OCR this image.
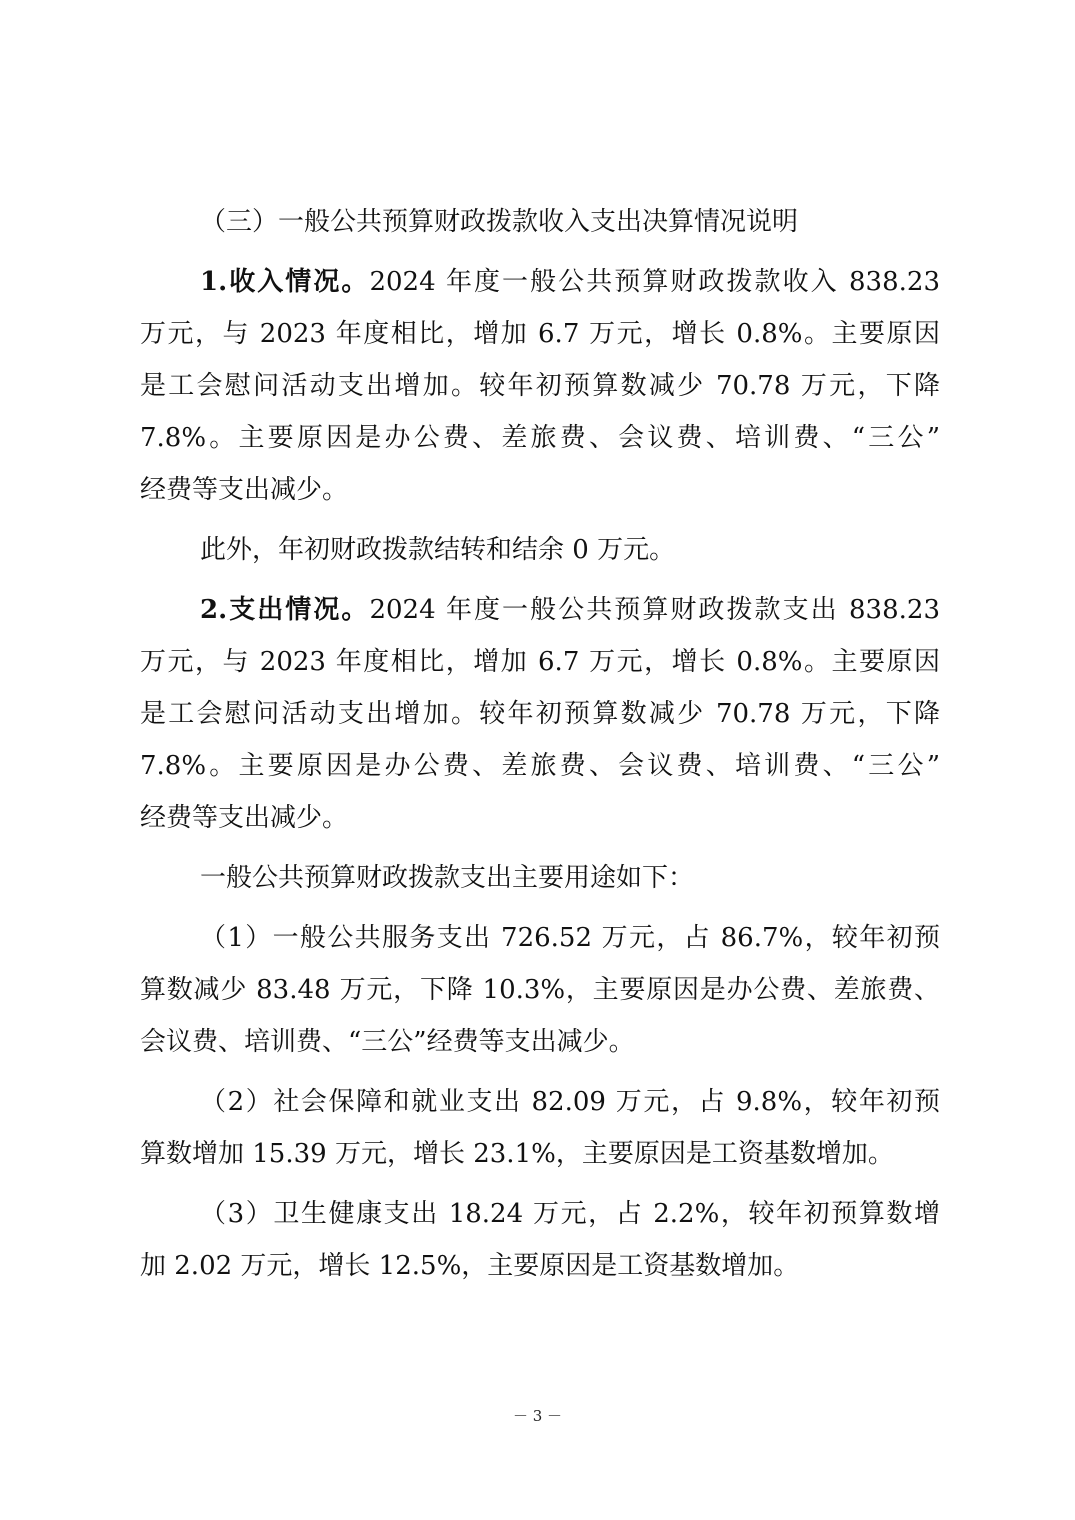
（三）一般公共预算财政拨款收入支出决算情况说明
1.收入情况。2024 年度一般公共预算财政拨款收入 838.23
万元，与 2023 年度相比，增加 6.7 万元，增长 0.8%。主要原因
是工会慰问活动支出增加。较年初预算数减少 70.78 万元，下降
7.8%。主要原因是办公费、差旅费、会议费、培训费、“三公”
经费等支出减少。
此外，年初财政拨款结转和结余 0 万元。
2.支出情况。2024 年度一般公共预算财政拨款支出 838.23
万元，与 2023 年度相比，增加 6.7 万元，增长 0.8%。主要原因
是工会慰问活动支出增加。较年初预算数减少 70.78 万元，下降
7.8%。主要原因是办公费、差旅费、会议费、培训费、“三公”
经费等支出减少。
一般公共预算财政拨款支出主要用途如下：
（1）一般公共服务支出 726.52 万元，占 86.7%，较年初预
算数减少 83.48 万元，下降 10.3%，主要原因是办公费、差旅费、
会议费、培训费、“三公”经费等支出减少。
（2）社会保障和就业支出 82.09 万元，占 9.8%，较年初预
算数增加 15.39 万元，增长 23.1%，主要原因是工资基数增加。
（3）卫生健康支出 18.24 万元，占 2.2%，较年初预算数增
加 2.02 万元，增长 12.5%，主要原因是工资基数增加。
－ 3 －
